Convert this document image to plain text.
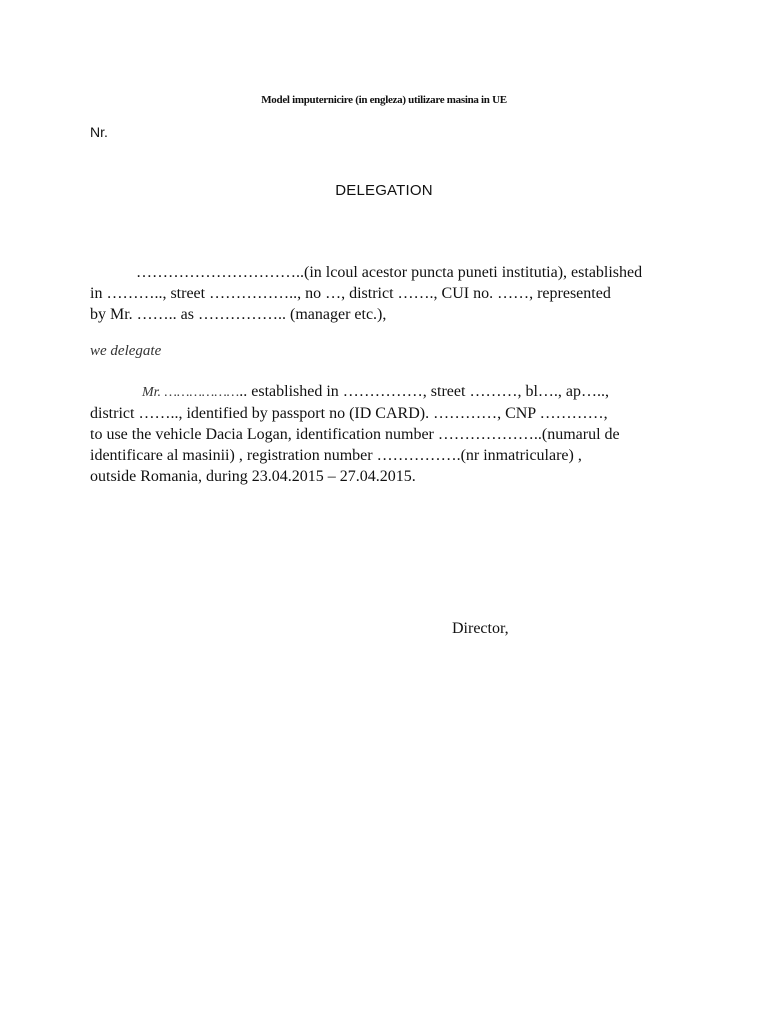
Model imputernicire (in engleza) utilizare masina in UE
Nr.
DELEGATION
…………………………..(in lcoul acestor puncta puneti institutia), established
in ……….., street …………….., no …, district ……., CUI no. ……, represented
by Mr. …….. as …………….. (manager etc.),
we delegate
Mr. ……………….. established in ……………, street ………, bl…., ap…..,
district …….., identified by passport no (ID CARD). …………, CNP …………,
to use the vehicle Dacia Logan, identification number ………………..(numarul de
identificare al masinii) , registration number …………….(nr inmatriculare) ,
outside Romania, during 23.04.2015 – 27.04.2015.
Director,
